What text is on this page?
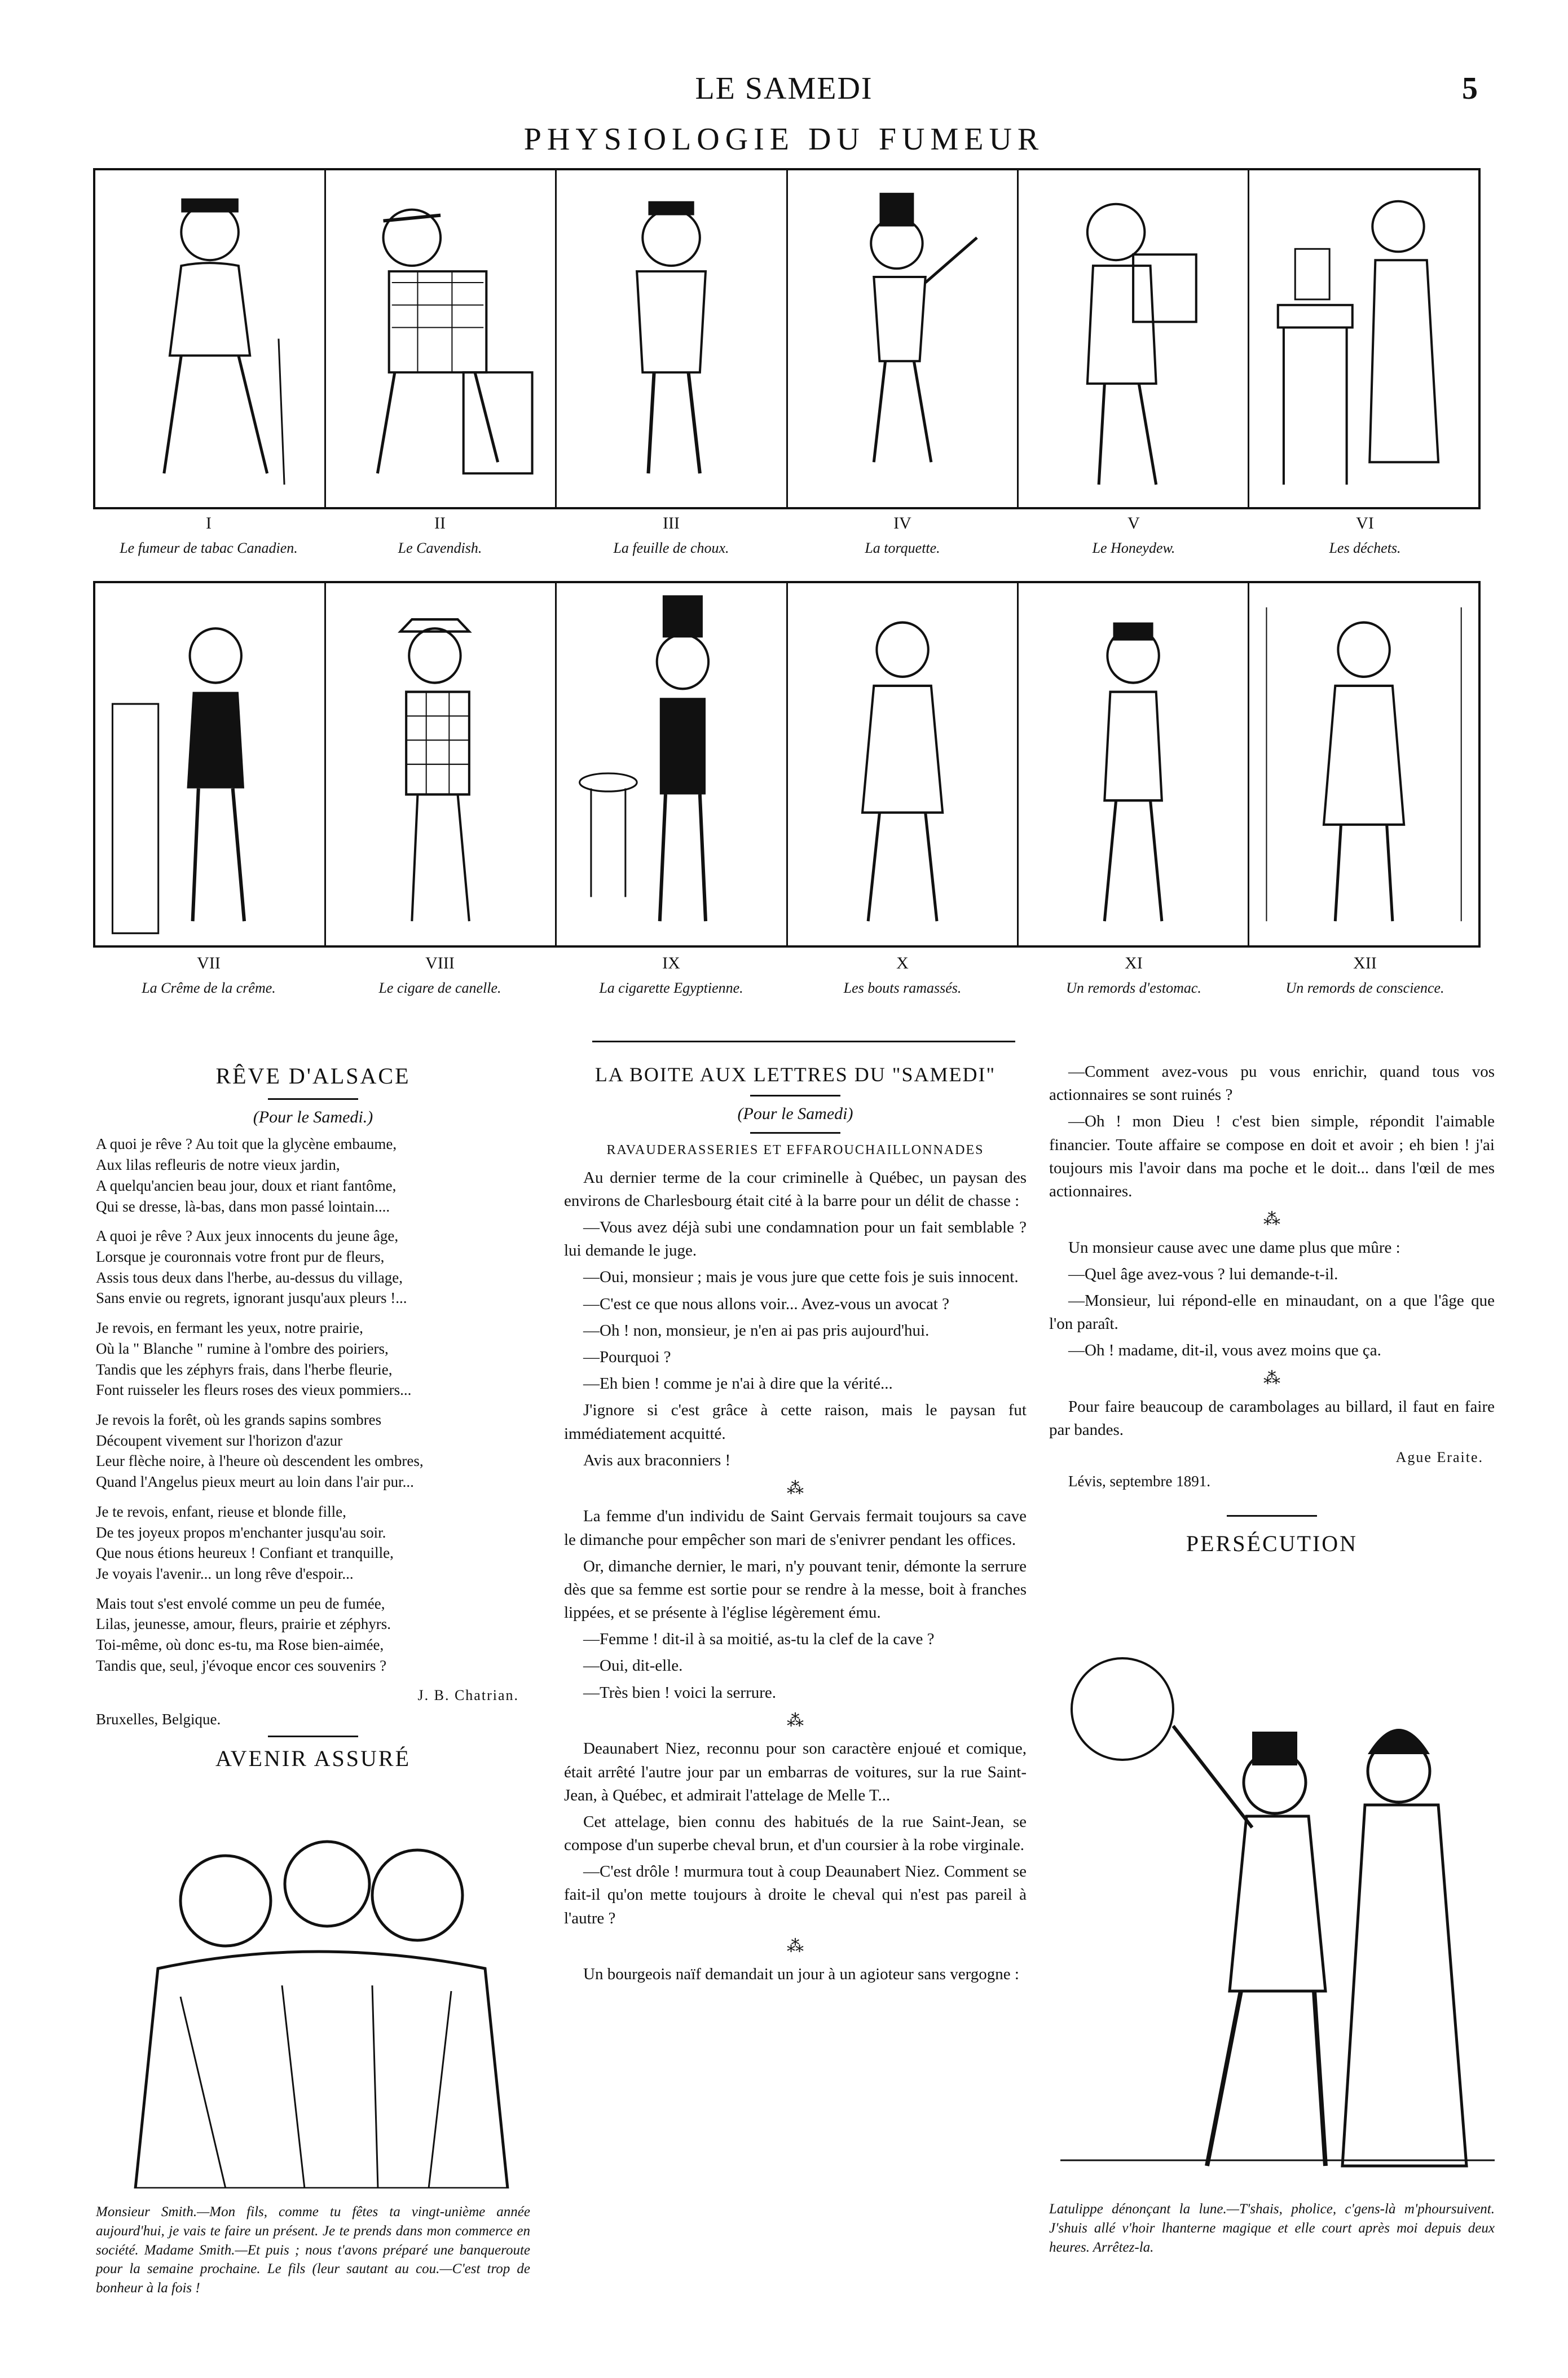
LE SAMEDI	5
PHYSIOLOGIE DU FUMEUR
I
Le fumeur de tabac Canadien.
II
Le Cavendish.
III
La feuille de choux.
IV
La torquette.
V
Le Honeydew.
VI
Les déchets.
VII
La Crême de la crême.
VIII
Le cigare de canelle.
IX
La cigarette Egyptienne.
X
Les bouts ramassés.
XI
Un remords d'estomac.
XII
Un remords de conscience.
RÊVE D'ALSACE
(Pour le Samedi.)
A quoi je rêve ? Au toit que la glycène embaume,
Aux lilas refleuris de notre vieux jardin,
A quelqu'ancien beau jour, doux et riant fantôme,
Qui se dresse, là-bas, dans mon passé lointain....
A quoi je rêve ? Aux jeux innocents du jeune âge,
Lorsque je couronnais votre front pur de fleurs,
Assis tous deux dans l'herbe, au-dessus du village,
Sans envie ou regrets, ignorant jusqu'aux pleurs !...
Je revois, en fermant les yeux, notre prairie,
Où la " Blanche " rumine à l'ombre des poiriers,
Tandis que les zéphyrs frais, dans l'herbe fleurie,
Font ruisseler les fleurs roses des vieux pommiers...
Je revois la forêt, où les grands sapins sombres
Découpent vivement sur l'horizon d'azur
Leur flèche noire, à l'heure où descendent les ombres,
Quand l'Angelus pieux meurt au loin dans l'air pur...
Je te revois, enfant, rieuse et blonde fille,
De tes joyeux propos m'enchanter jusqu'au soir.
Que nous étions heureux ! Confiant et tranquille,
Je voyais l'avenir... un long rêve d'espoir...
Mais tout s'est envolé comme un peu de fumée,
Lilas, jeunesse, amour, fleurs, prairie et zéphyrs.
Toi-même, où donc es-tu, ma Rose bien-aimée,
Tandis que, seul, j'évoque encor ces souvenirs ?
J. B. Chatrian.
Bruxelles, Belgique.
AVENIR ASSURÉ
Monsieur Smith.—Mon fils, comme tu fêtes ta vingt-unième année aujourd'hui, je vais te faire un présent. Je te prends dans mon commerce en société. Madame Smith.—Et puis ; nous t'avons préparé une banqueroute pour la semaine prochaine. Le fils (leur sautant au cou.—C'est trop de bonheur à la fois !
LA BOITE AUX LETTRES DU "SAMEDI"
(Pour le Samedi)
RAVAUDERASSERIES ET EFFAROUCHAILLONNADES

Au dernier terme de la cour criminelle à Québec, un paysan des environs de Charlesbourg était cité à la barre pour un délit de chasse :

—Vous avez déjà subi une condamnation pour un fait semblable ? lui demande le juge.

—Oui, monsieur ; mais je vous jure que cette fois je suis innocent.

—C'est ce que nous allons voir... Avez-vous un avocat ?

—Oh ! non, monsieur, je n'en ai pas pris aujourd'hui.

—Pourquoi ?

—Eh bien ! comme je n'ai à dire que la vérité...

J'ignore si c'est grâce à cette raison, mais le paysan fut immédiatement acquitté.

Avis aux braconniers !

⁂

La femme d'un individu de Saint Gervais fermait toujours sa cave le dimanche pour empêcher son mari de s'enivrer pendant les offices.

Or, dimanche dernier, le mari, n'y pouvant tenir, démonte la serrure dès que sa femme est sortie pour se rendre à la messe, boit à franches lippées, et se présente à l'église légèrement ému.

—Femme ! dit-il à sa moitié, as-tu la clef de la cave ?

—Oui, dit-elle.

—Très bien ! voici la serrure.

⁂

Deaunabert Niez, reconnu pour son caractère enjoué et comique, était arrêté l'autre jour par un embarras de voitures, sur la rue Saint-Jean, à Québec, et admirait l'attelage de Melle T...

Cet attelage, bien connu des habitués de la rue Saint-Jean, se compose d'un superbe cheval brun, et d'un coursier à la robe virginale.

—C'est drôle ! murmura tout à coup Deaunabert Niez. Comment se fait-il qu'on mette toujours à droite le cheval qui n'est pas pareil à l'autre ?

⁂

Un bourgeois naïf demandait un jour à un agioteur sans vergogne :

—Comment avez-vous pu vous enrichir, quand tous vos actionnaires se sont ruinés ?

—Oh ! mon Dieu ! c'est bien simple, répondit l'aimable financier. Toute affaire se compose en doit et avoir ; eh bien ! j'ai toujours mis l'avoir dans ma poche et le doit... dans l'œil de mes actionnaires.

⁂

Un monsieur cause avec une dame plus que mûre :

—Quel âge avez-vous ? lui demande-t-il.

—Monsieur, lui répond-elle en minaudant, on a que l'âge que l'on paraît.

—Oh ! madame, dit-il, vous avez moins que ça.

⁂

Pour faire beaucoup de carambolages au billard, il faut en faire par bandes.

Ague Eraite.
Lévis, septembre 1891.
PERSÉCUTION
Latulippe dénonçant la lune.—T'shais, pholice, c'gens-là m'phoursuivent. J'shuis allé v'hoir lhanterne magique et elle court après moi depuis deux heures. Arrêtez-la.
